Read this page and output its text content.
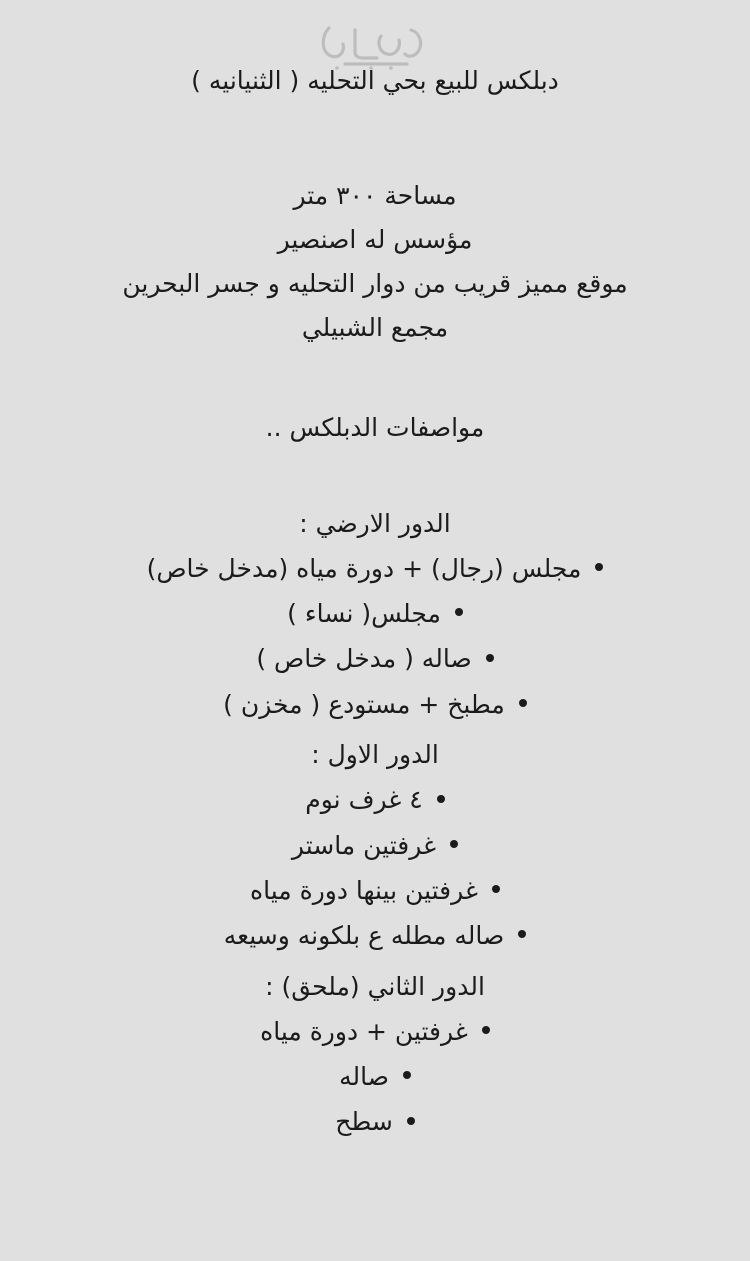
دبلكس للبيع بحي التحليه ( الثنيانيه )
مساحة ٣٠٠ متر
مؤسس له اصنصير
موقع مميز قريب من دوار التحليه و جسر البحرين
مجمع الشبيلي
مواصفات الدبلكس ..
الدور الارضي :
مجلس (رجال) + دورة مياه (مدخل خاص)
مجلس( نساء )
صاله ( مدخل خاص )
مطبخ + مستودع ( مخزن )
الدور الاول :
٤ غرف نوم
غرفتين ماستر
غرفتين بينها دورة مياه
صاله مطله ع بلكونه وسيعه
الدور الثاني (ملحق) :
غرفتين + دورة مياه
صاله
سطح
